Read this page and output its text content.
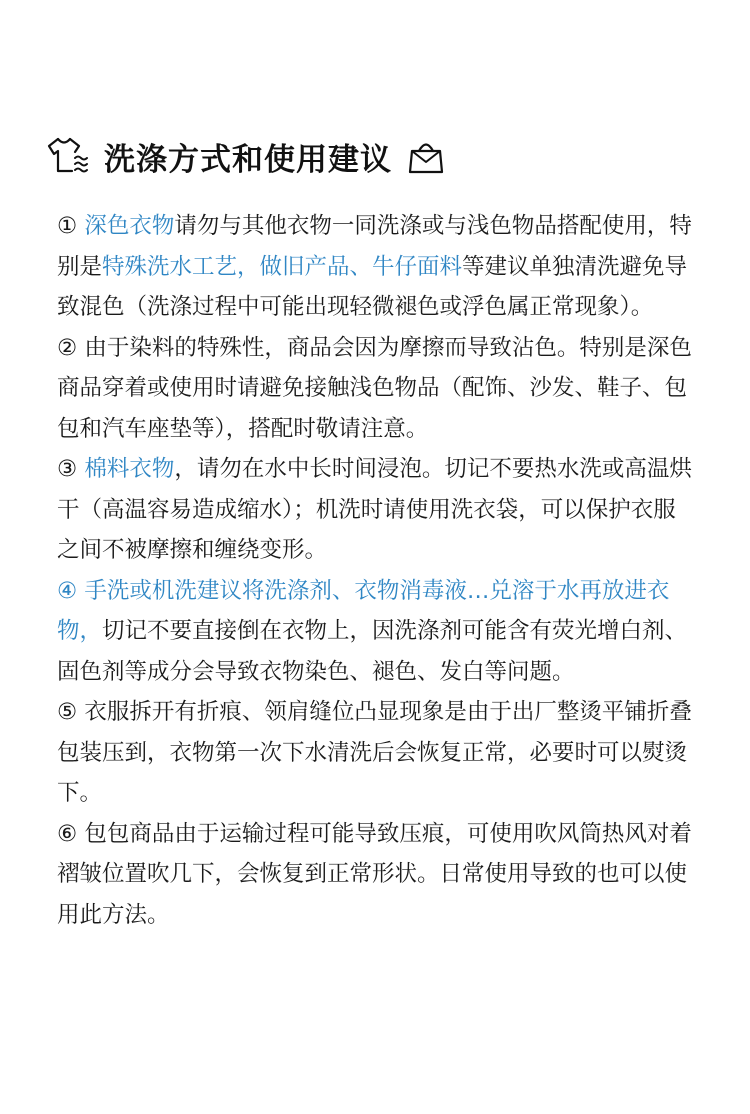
洗涤方式和使用建议

① 深色衣物请勿与其他衣物一同洗涤或与浅色物品搭配使用，特别是特殊洗水工艺，做旧产品、牛仔面料等建议单独清洗避免导致混色（洗涤过程中可能出现轻微褪色或浮色属正常现象）。

② 由于染料的特殊性，商品会因为摩擦而导致沾色。特别是深色商品穿着或使用时请避免接触浅色物品（配饰、沙发、鞋子、包包和汽车座垫等），搭配时敬请注意。

③ 棉料衣物，请勿在水中长时间浸泡。切记不要热水洗或高温烘干（高温容易造成缩水）；机洗时请使用洗衣袋，可以保护衣服之间不被摩擦和缠绕变形。

④ 手洗或机洗建议将洗涤剂、衣物消毒液…兑溶于水再放进衣物，切记不要直接倒在衣物上，因洗涤剂可能含有荧光增白剂、固色剂等成分会导致衣物染色、褪色、发白等问题。

⑤ 衣服拆开有折痕、领肩缝位凸显现象是由于出厂整烫平铺折叠包装压到，衣物第一次下水清洗后会恢复正常，必要时可以熨烫下。

⑥ 包包商品由于运输过程可能导致压痕，可使用吹风筒热风对着褶皱位置吹几下，会恢复到正常形状。日常使用导致的也可以使用此方法。
